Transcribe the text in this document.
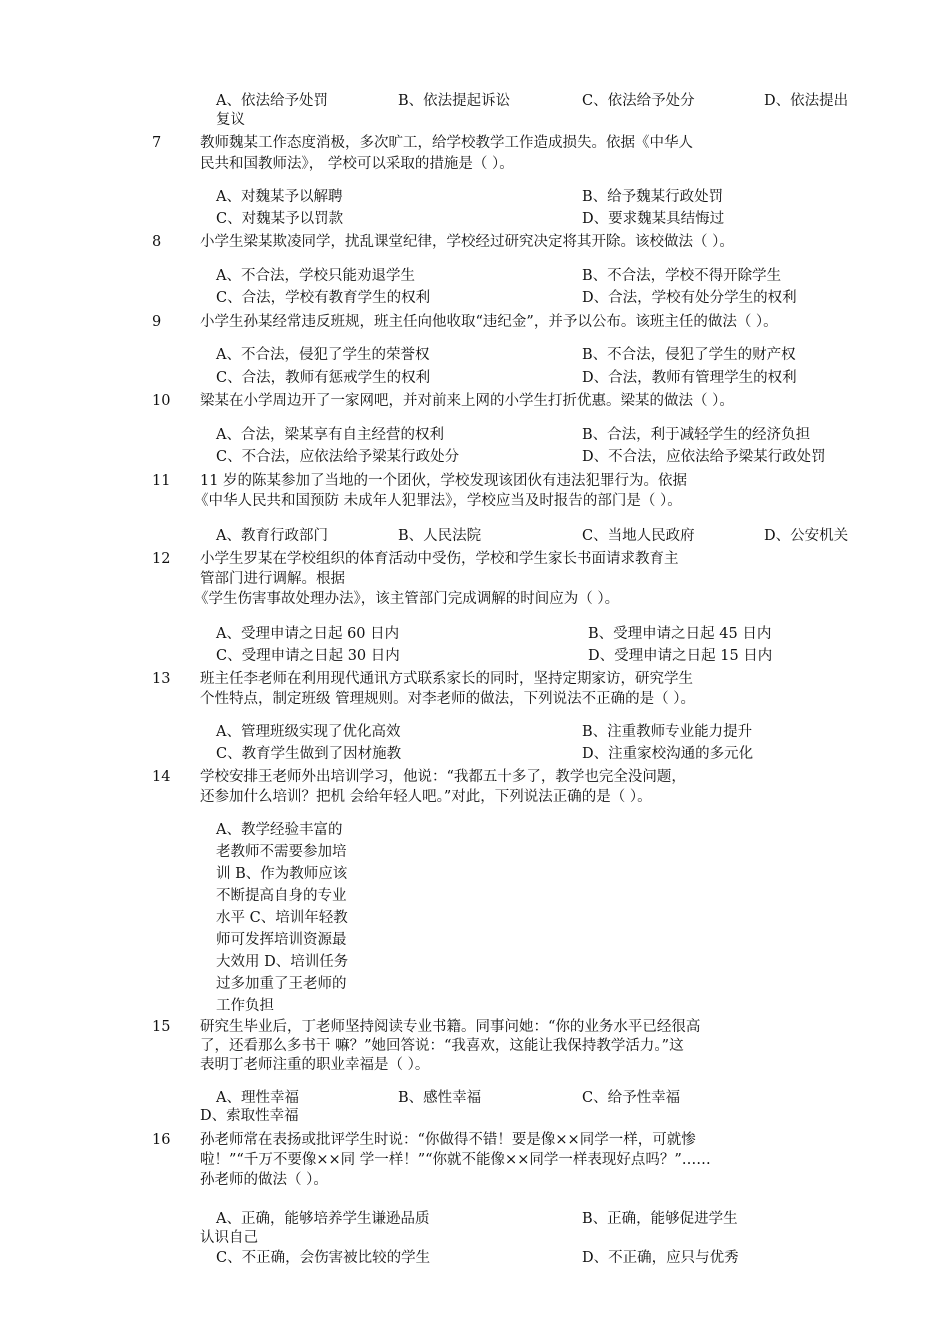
A、依法给予处罚	B、依法提起诉讼	C、依法给予处分	D、依法提出
复议
7	教师魏某工作态度消极，多次旷工，给学校教学工作造成损失。依据《中华人
民共和国教师法》， 学校可以采取的措施是（ ）。
A、对魏某予以解聘	B、给予魏某行政处罚
C、对魏某予以罚款	D、要求魏某具结悔过
8	小学生梁某欺凌同学，扰乱课堂纪律，学校经过研究决定将其开除。该校做法（ ）。
A、不合法，学校只能劝退学生	B、不合法，学校不得开除学生
C、合法，学校有教育学生的权利	D、合法，学校有处分学生的权利
9	小学生孙某经常违反班规，班主任向他收取“违纪金”，并予以公布。该班主任的做法（ ）。
A、不合法，侵犯了学生的荣誉权	B、不合法，侵犯了学生的财产权
C、合法，教师有惩戒学生的权利	D、合法，教师有管理学生的权利
10 梁某在小学周边开了一家网吧，并对前来上网的小学生打折优惠。梁某的做法（ ）。
A、合法，梁某享有自主经营的权利	B、合法，利于减轻学生的经济负担
C、不合法，应依法给予梁某行政处分	D、不合法，应依法给予梁某行政处罚
11 11 岁的陈某参加了当地的一个团伙，学校发现该团伙有违法犯罪行为。依据
《中华人民共和国预防 未成年人犯罪法》，学校应当及时报告的部门是（ ）。
A、教育行政部门	B、人民法院	C、当地人民政府	D、公安机关
12 小学生罗某在学校组织的体育活动中受伤，学校和学生家长书面请求教育主
管部门进行调解。根据
《学生伤害事故处理办法》，该主管部门完成调解的时间应为（ ）。
A、受理申请之日起 60 日内	B、受理申请之日起 45 日内
C、受理申请之日起 30 日内	D、受理申请之日起 15 日内
13 班主任李老师在利用现代通讯方式联系家长的同时，坚持定期家访，研究学生
个性特点，制定班级 管理规则。对李老师的做法，下列说法不正确的是（ ）。
A、管理班级实现了优化高效	B、注重教师专业能力提升
C、教育学生做到了因材施教	D、注重家校沟通的多元化
14 学校安排王老师外出培训学习，他说：“我都五十多了，教学也完全没问题，
还参加什么培训？把机 会给年轻人吧。”对此，下列说法正确的是（ ）。
A、教学经验丰富的
老教师不需要参加培
训 B、作为教师应该
不断提高自身的专业
水平 C、培训年轻教
师可发挥培训资源最
大效用 D、培训任务
过多加重了王老师的
工作负担
15 研究生毕业后，丁老师坚持阅读专业书籍。同事问她：“你的业务水平已经很高
了，还看那么多书干 嘛？”她回答说：“我喜欢，这能让我保持教学活力。”这
表明丁老师注重的职业幸福是（ ）。
A、理性幸福	B、感性幸福	C、给予性幸福
D、索取性幸福
16 孙老师常在表扬或批评学生时说：“你做得不错！要是像××同学一样，可就惨
啦！”“千万不要像××同 学一样！”“你就不能像××同学一样表现好点吗？”……
孙老师的做法（ ）。
A、正确，能够培养学生谦逊品质	B、正确，能够促进学生
认识自己
C、不正确，会伤害被比较的学生	D、不正确，应只与优秀
